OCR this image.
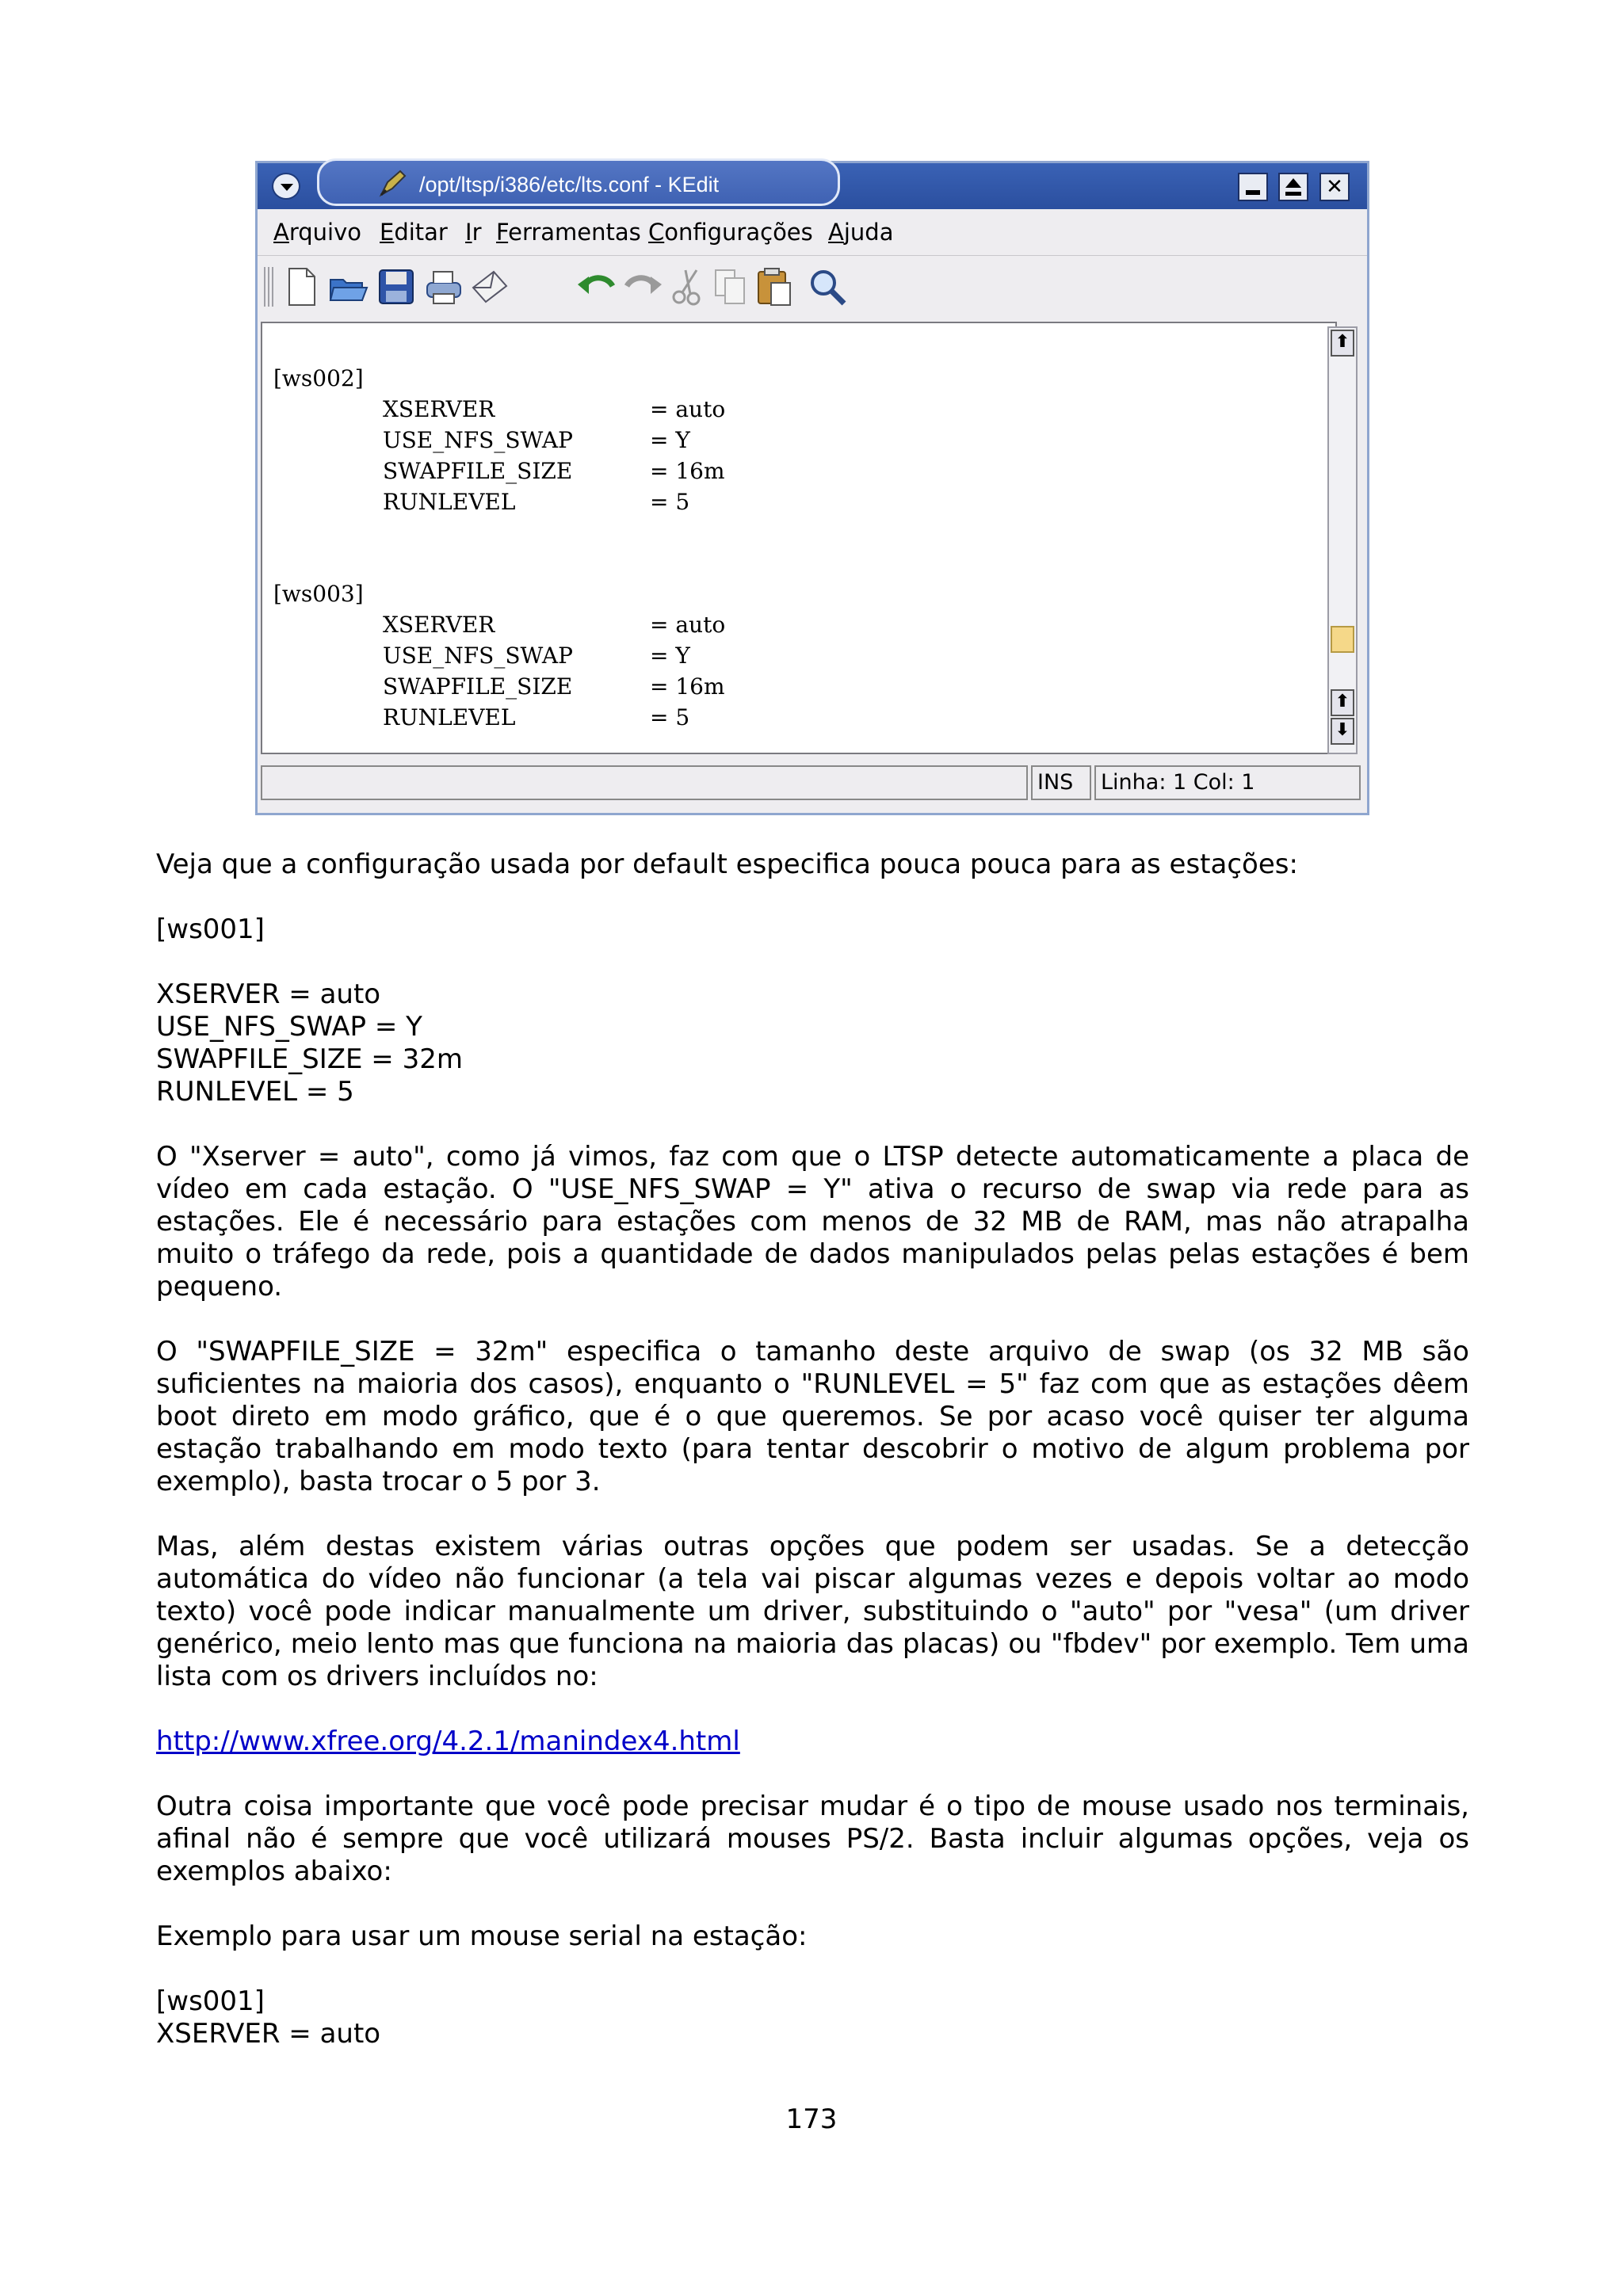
/opt/ltsp/i386/etc/lts.conf - KEdit
✕
Arquivo Editar Ir Ferramentas Configurações Ajuda

[ws002]

XSERVER

	= auto

USE_NFS_SWAP

	= Y

SWAPFILE_SIZE

	= 16m

RUNLEVEL

	= 5

[ws003]

XSERVER

	= auto

USE_NFS_SWAP

	= Y

SWAPFILE_SIZE

	= 16m

RUNLEVEL

	= 5

⬆
⬆
⬇
INS	Linha: 1 Col: 1

Veja que a configuração usada por default especifica pouca pouca para as estações:

[ws001]

XSERVER = auto

USE_NFS_SWAP = Y

SWAPFILE_SIZE = 32m

RUNLEVEL = 5

O "Xserver = auto", como já vimos, faz com que o LTSP detecte automaticamente a placa de vídeo em cada estação. O "USE_NFS_SWAP = Y" ativa o recurso de swap via rede para as estações. Ele é necessário para estações com menos de 32 MB de RAM, mas não atrapalha muito o tráfego da rede, pois a quantidade de dados manipulados pelas pelas estações é bem pequeno.

O "SWAPFILE_SIZE = 32m" especifica o tamanho deste arquivo de swap (os 32 MB são suficientes na maioria dos casos), enquanto o "RUNLEVEL = 5" faz com que as estações dêem boot direto em modo gráfico, que é o que queremos. Se por acaso você quiser ter alguma estação trabalhando em modo texto (para tentar descobrir o motivo de algum problema por exemplo), basta trocar o 5 por 3.

Mas, além destas existem várias outras opções que podem ser usadas. Se a detecção automática do vídeo não funcionar (a tela vai piscar algumas vezes e depois voltar ao modo texto) você pode indicar manualmente um driver, substituindo o "auto" por "vesa" (um driver genérico, meio lento mas que funciona na maioria das placas) ou "fbdev" por exemplo. Tem uma lista com os drivers incluídos no:

http://www.xfree.org/4.2.1/manindex4.html

Outra coisa importante que você pode precisar mudar é o tipo de mouse usado nos terminais, afinal não é sempre que você utilizará mouses PS/2. Basta incluir algumas opções, veja os exemplos abaixo:

Exemplo para usar um mouse serial na estação:

[ws001]

XSERVER = auto

173
